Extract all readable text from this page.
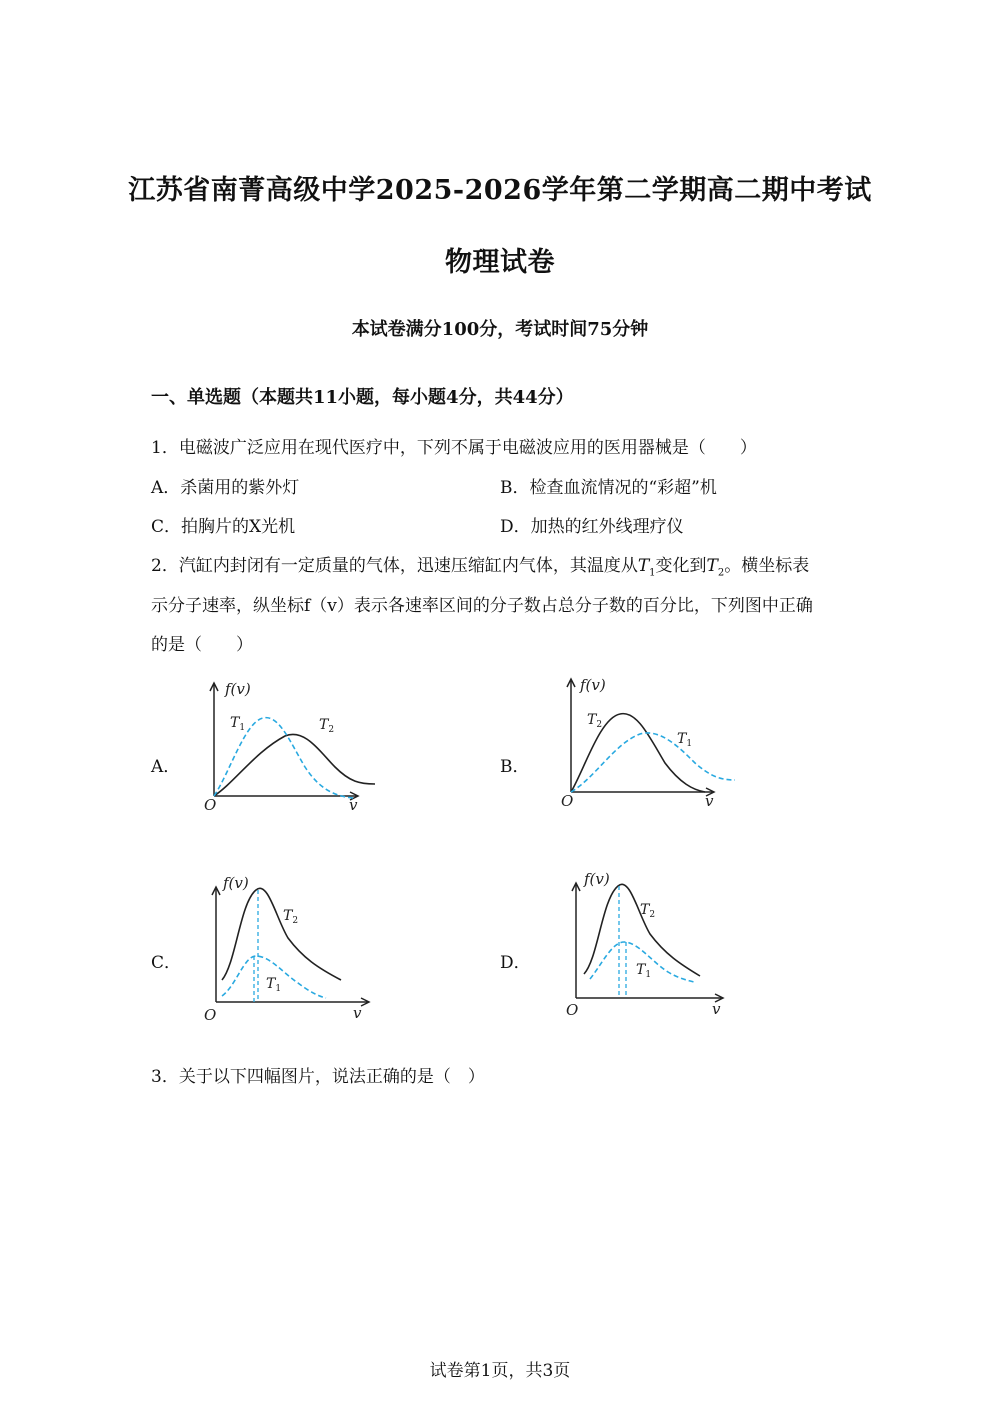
江苏省南菁高级中学2025-2026学年第二学期高二期中考试
物理试卷
本试卷满分100分，考试时间75分钟
一、单选题（本题共11小题，每小题4分，共44分）
1．电磁波广泛应用在现代医疗中，下列不属于电磁波应用的医用器械是（　　）
A．杀菌用的紫外灯	B．检查血流情况的“彩超”机
C．拍胸片的X光机	D．加热的红外线理疗仪
2．汽缸内封闭有一定质量的气体，迅速压缩缸内气体，其温度从$T_1$变化到$T_2$。横坐标表
示分子速率，纵坐标f（v）表示各速率区间的分子数占总分子数的百分比，下列图中正确
的是（　　）
A．	B．
C．	D．
f(v)
O	v
$T_1$	$T_2$
f(v)
O	v
$T_2$
$T_1$
f(v)
O	v
$T_2$
$T_1$
f(v)
O	v
$T_2$
$T_1$
3．关于以下四幅图片，说法正确的是（　）
试卷第1页，共3页
